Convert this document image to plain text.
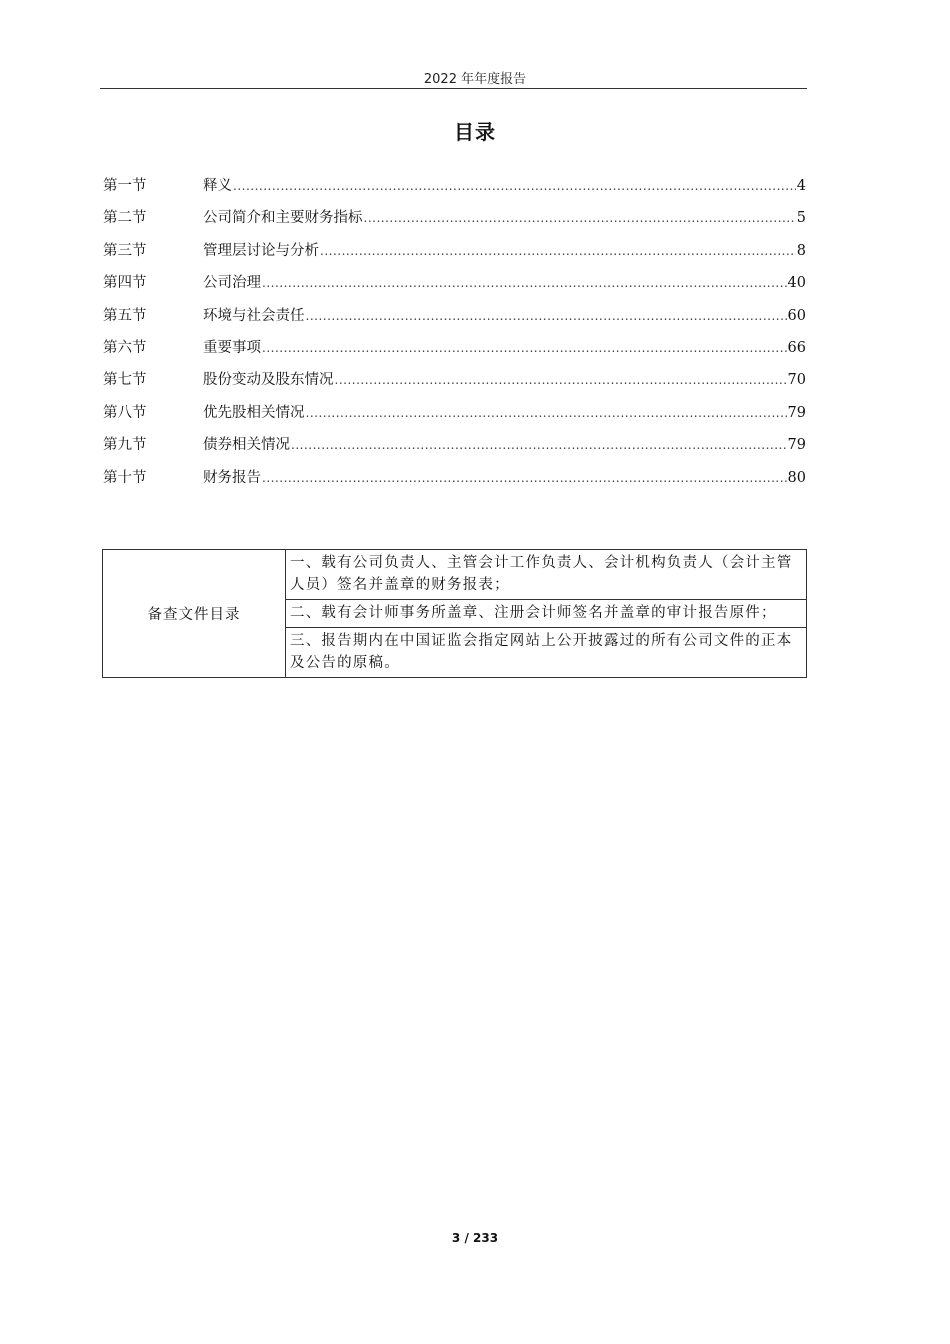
2022 年年度报告
目录
第一节	释义 .....	4
第二节	公司简介和主要财务指标 .....	5
第三节	管理层讨论与分析 .....	8
第四节	公司治理 .....	40
第五节	环境与社会责任 .....	60
第六节	重要事项 .....	66
第七节	股份变动及股东情况 .....	70
第八节	优先股相关情况 .....	79
第九节	债券相关情况 .....	79
第十节	财务报告 .....	80
备查文件目录	一、载有公司负责人、主管会计工作负责人、会计机构负责人（会计主管人员）签名并盖章的财务报表；
二、载有会计师事务所盖章、注册会计师签名并盖章的审计报告原件；
三、报告期内在中国证监会指定网站上公开披露过的所有公司文件的正本及公告的原稿。
3 / 233
